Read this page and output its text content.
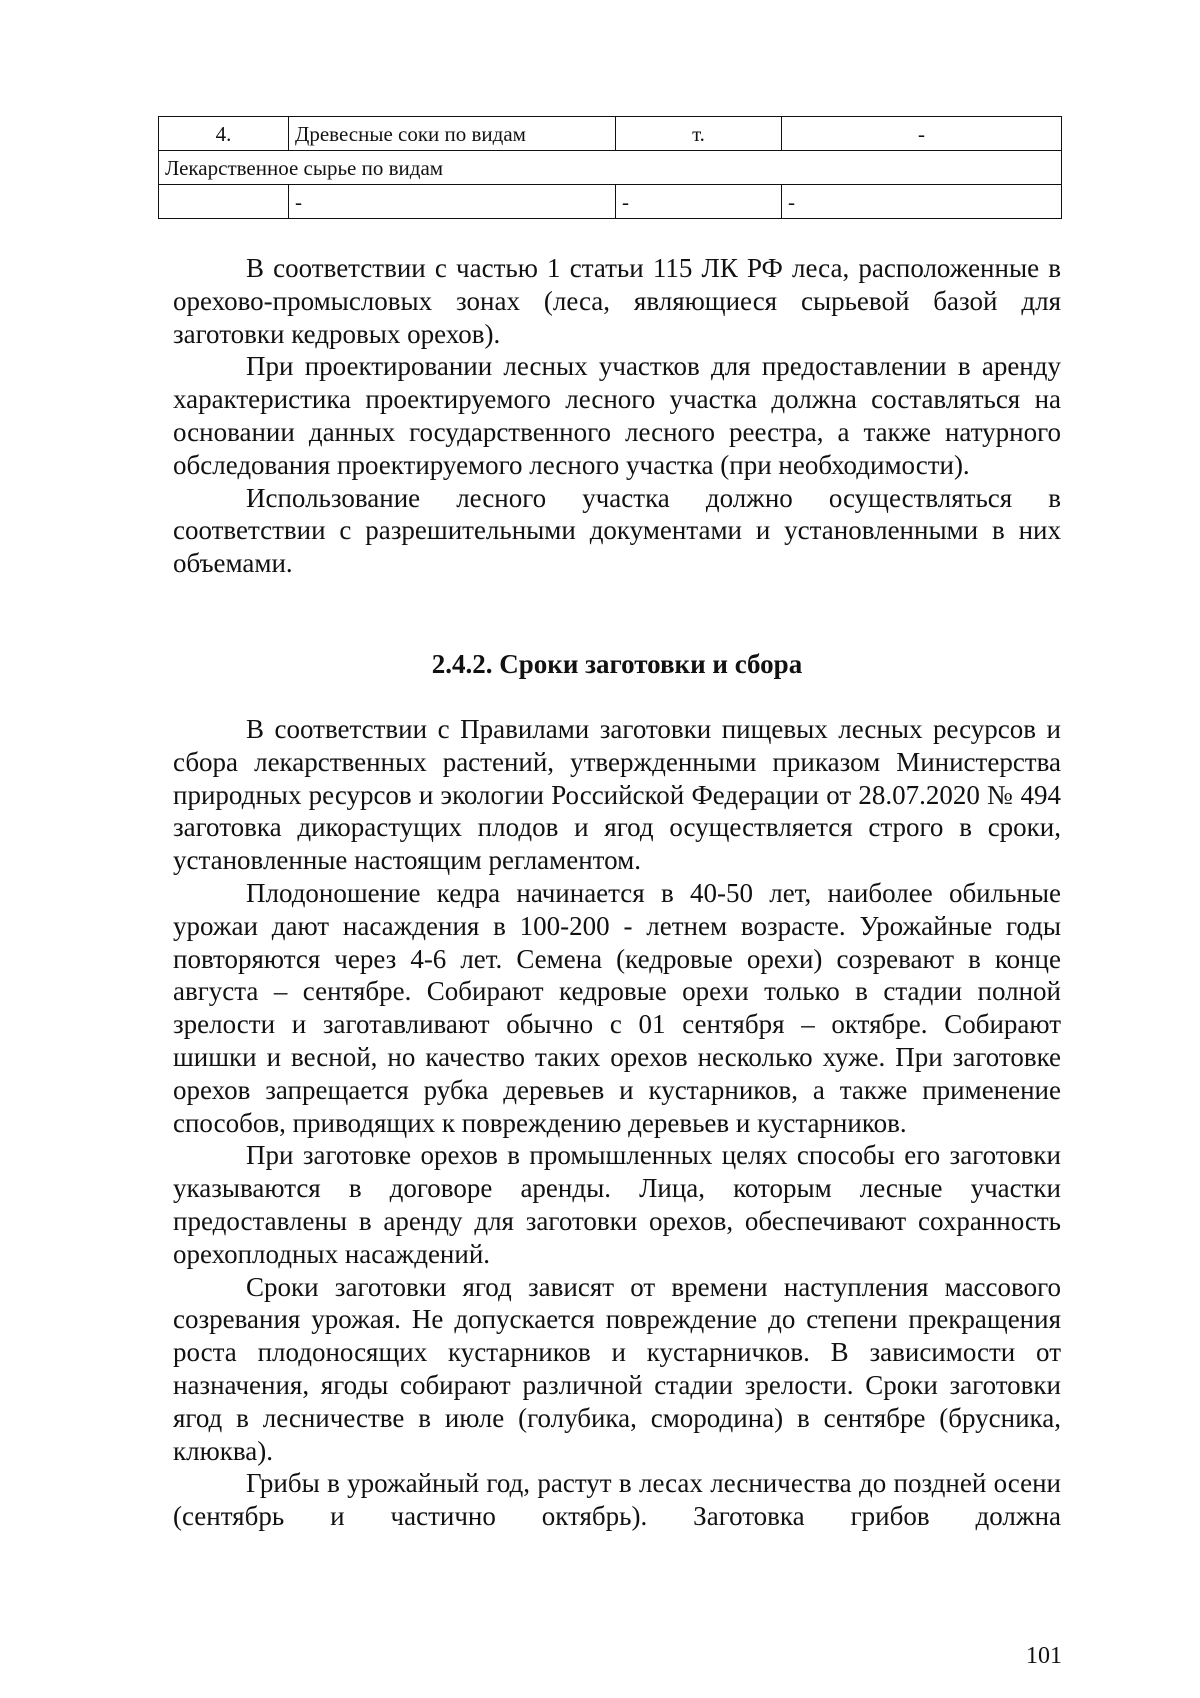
4.	Древесные соки по видам	т.	-
Лекарственное сырье по видам			
	-	-	-

В соответствии с частью 1 статьи 115 ЛК РФ леса, расположенные в орехово-промысловых зонах (леса, являющиеся сырьевой базой для заготовки кедровых орехов).

При проектировании лесных участков для предоставлении в аренду характеристика проектируемого лесного участка должна составляться на основании данных государственного лесного реестра, а также натурного обследования проектируемого лесного участка (при необходимости).

Использование лесного участка должно осуществляться в соответствии с разрешительными документами и установленными в них объемами.

2.4.2. Сроки заготовки и сбора

В соответствии с Правилами заготовки пищевых лесных ресурсов и сбора лекарственных растений, утвержденными приказом Министерства природных ресурсов и экологии Российской Федерации от 28.07.2020 № 494 заготовка дикорастущих плодов и ягод осуществляется строго в сроки, установленные настоящим регламентом.

Плодоношение кедра начинается в 40-50 лет, наиболее обильные урожаи дают насаждения в 100-200 - летнем возрасте. Урожайные годы повторяются через 4-6 лет. Семена (кедровые орехи) созревают в конце августа – сентябре. Собирают кедровые орехи только в стадии полной зрелости и заготавливают обычно с 01 сентября – октябре. Собирают шишки и весной, но качество таких орехов несколько хуже. При заготовке орехов запрещается рубка деревьев и кустарников, а также применение способов, приводящих к повреждению деревьев и кустарников.

При заготовке орехов в промышленных целях способы его заготовки указываются в договоре аренды. Лица, которым лесные участки предоставлены в аренду для заготовки орехов, обеспечивают сохранность орехоплодных насаждений.

Сроки заготовки ягод зависят от времени наступления массового созревания урожая. Не допускается повреждение до степени прекращения роста плодоносящих кустарников и кустарничков. В зависимости от назначения, ягоды собирают различной стадии зрелости. Сроки заготовки ягод в лесничестве в июле (голубика, смородина) в сентябре (брусника, клюква).

Грибы в урожайный год, растут в лесах лесничества до поздней осени (сентябрь и частично октябрь). Заготовка грибов должна

101
